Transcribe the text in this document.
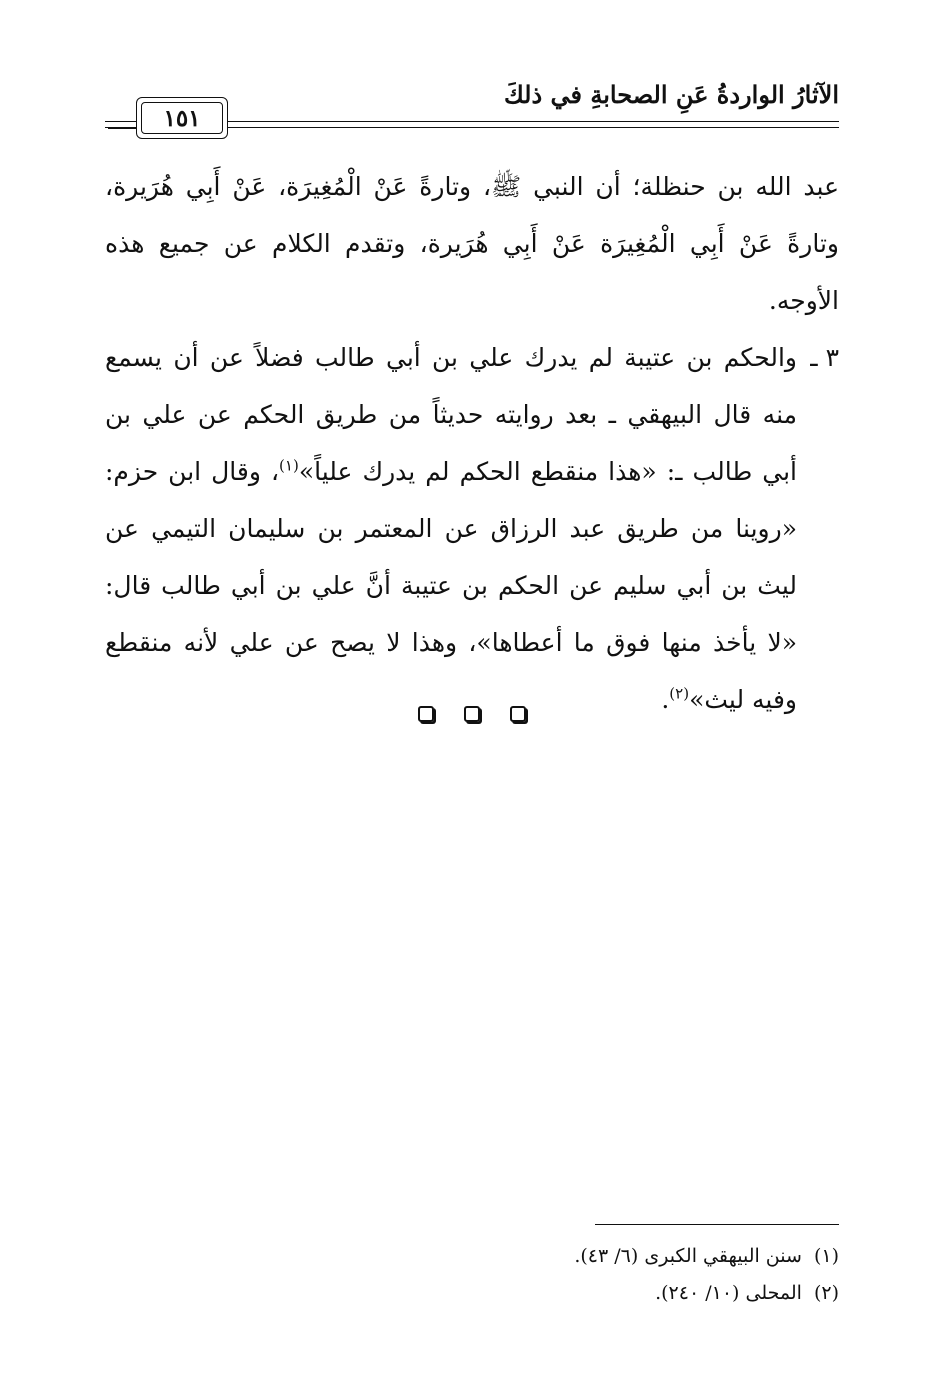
الآثارُ الواردةُ عَنِ الصحابةِ في ذلكَ
١٥١

عبد الله بن حنظلة؛ أن النبي ﷺ، وتارةً عَنْ الْمُغِيرَة، عَنْ أَبِي هُرَيرة، وتارةً عَنْ أَبِي الْمُغِيرَة عَنْ أَبِي هُرَيرة، وتقدم الكلام عن جميع هذه الأوجه.

٣ ـ
والحكم بن عتيبة لم يدرك علي بن أبي طالب فضلاً عن أن يسمع منه قال البيهقي ـ بعد روايته حديثاً من طريق الحكم عن علي بن أبي طالب ـ: «هذا منقطع الحكم لم يدرك علياً»$^{(١)}$، وقال ابن حزم: «روينا من طريق عبد الرزاق عن المعتمر بن سليمان التيمي عن ليث بن أبي سليم عن الحكم بن عتيبة أنَّ علي بن أبي طالب قال: «لا يأخذ منها فوق ما أعطاها»، وهذا لا يصح عن علي لأنه منقطع وفيه ليث»$^{(٢)}$.

(١)
سنن البيهقي الكبرى (٦/ ٤٣).
(٢)
المحلى (١٠/ ٢٤٠).
